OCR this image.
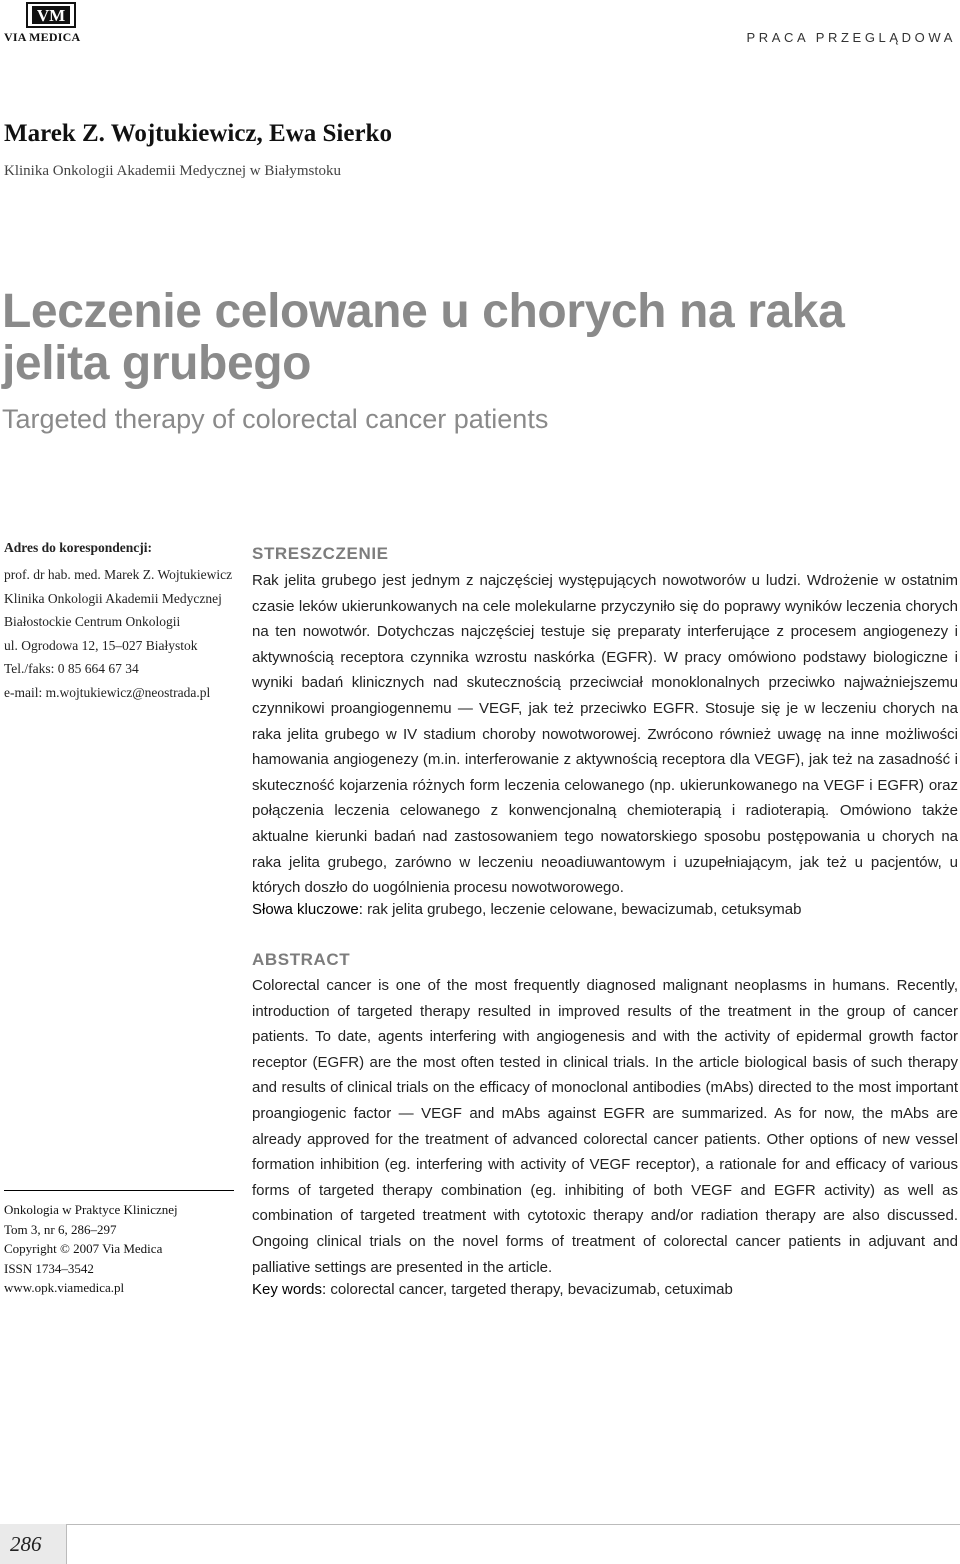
VM
VIA MEDICA	PRACA PRZEGLĄDOWA
Marek Z. Wojtukiewicz, Ewa Sierko
Klinika Onkologii Akademii Medycznej w Białymstoku
Leczenie celowane u chorych na raka
jelita grubego
Targeted therapy of colorectal cancer patients
Adres do korespondencji:
prof. dr hab. med. Marek Z. Wojtukiewicz
Klinika Onkologii Akademii Medycznej
Białostockie Centrum Onkologii
ul. Ogrodowa 12, 15–027 Białystok
Tel./faks: 0 85 664 67 34
e-mail: m.wojtukiewicz@neostrada.pl
STRESZCZENIE
Rak jelita grubego jest jednym z najczęściej występujących nowotworów u ludzi. Wdrożenie w ostatnim czasie leków ukierunkowanych na cele molekularne przyczyniło się do poprawy wyników leczenia chorych na ten nowotwór. Dotychczas najczęściej testuje się preparaty interferujące z procesem angiogenezy i aktywnością receptora czynnika wzrostu naskórka (EGFR). W pracy omówiono podstawy biologiczne i wyniki badań klinicznych nad skutecznością przeciwciał monoklonalnych przeciwko najważniejszemu czynnikowi proangiogennemu — VEGF, jak też przeciwko EGFR. Stosuje się je w leczeniu chorych na raka jelita grubego w IV stadium choroby nowotworowej. Zwrócono również uwagę na inne możliwości hamowania angiogenezy (m.in. interferowanie z aktywnością receptora dla VEGF), jak też na zasadność i skuteczność kojarzenia różnych form leczenia celowanego (np. ukierunkowanego na VEGF i EGFR) oraz połączenia leczenia celowanego z konwencjonalną chemioterapią i radioterapią. Omówiono także aktualne kierunki badań nad zastosowaniem tego nowatorskiego sposobu postępowania u chorych na raka jelita grubego, zarówno w leczeniu neoadiuwantowym i uzupełniającym, jak też u pacjentów, u których doszło do uogólnienia procesu nowotworowego.
Słowa kluczowe: rak jelita grubego, leczenie celowane, bewacizumab, cetuksymab
ABSTRACT
Colorectal cancer is one of the most frequently diagnosed malignant neoplasms in humans. Recently, introduction of targeted therapy resulted in improved results of the treatment in the group of cancer patients. To date, agents interfering with angiogenesis and with the activity of epidermal growth factor receptor (EGFR) are the most often tested in clinical trials. In the article biological basis of such therapy and results of clinical trials on the efficacy of monoclonal antibodies (mAbs) directed to the most important proangiogenic factor — VEGF and mAbs against EGFR are summarized. As for now, the mAbs are already approved for the treatment of advanced colorectal cancer patients. Other options of new vessel formation inhibition (eg. interfering with activity of VEGF receptor), a rationale for and efficacy of various forms of targeted therapy combination (eg. inhibiting of both VEGF and EGFR activity) as well as combination of targeted treatment with cytotoxic therapy and/or radiation therapy are also discussed. Ongoing clinical trials on the novel forms of treatment of colorectal cancer patients in adjuvant and palliative settings are presented in the article.
Key words: colorectal cancer, targeted therapy, bevacizumab, cetuximab
Onkologia w Praktyce Klinicznej
Tom 3, nr 6, 286–297
Copyright © 2007 Via Medica
ISSN 1734–3542
www.opk.viamedica.pl
286
